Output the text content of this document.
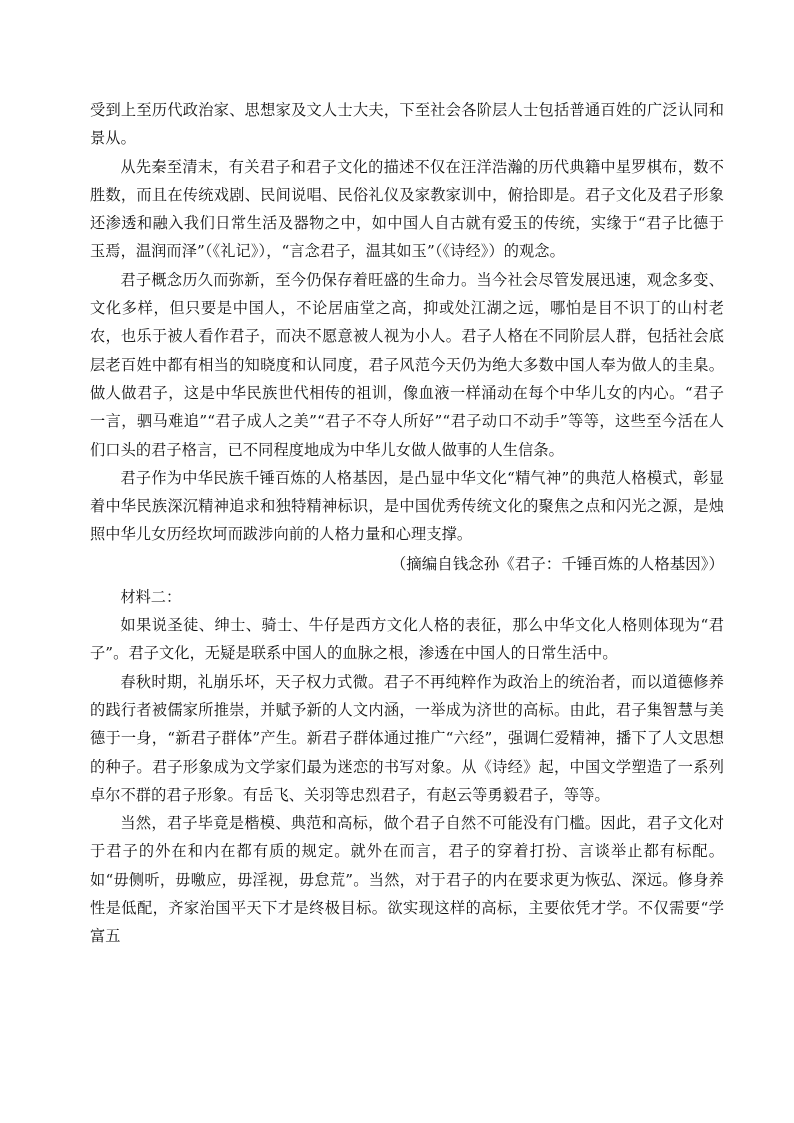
受到上至历代政治家、思想家及文人士大夫，下至社会各阶层人士包括普通百姓的广泛认同和景从。

从先秦至清末，有关君子和君子文化的描述不仅在汪洋浩瀚的历代典籍中星罗棋布，数不胜数，而且在传统戏剧、民间说唱、民俗礼仪及家教家训中，俯拾即是。君子文化及君子形象还渗透和融入我们日常生活及器物之中，如中国人自古就有爱玉的传统，实缘于“君子比德于玉焉，温润而泽”（《礼记》），“言念君子，温其如玉”（《诗经》）的观念。

君子概念历久而弥新，至今仍保存着旺盛的生命力。当今社会尽管发展迅速，观念多变、文化多样，但只要是中国人，不论居庙堂之高，抑或处江湖之远，哪怕是目不识丁的山村老农，也乐于被人看作君子，而决不愿意被人视为小人。君子人格在不同阶层人群，包括社会底层老百姓中都有相当的知晓度和认同度，君子风范今天仍为绝大多数中国人奉为做人的圭臬。做人做君子，这是中华民族世代相传的祖训，像血液一样涌动在每个中华儿女的内心。“君子一言，驷马难追”“君子成人之美”“君子不夺人所好”“君子动口不动手”等等，这些至今活在人们口头的君子格言，已不同程度地成为中华儿女做人做事的人生信条。

君子作为中华民族千锤百炼的人格基因，是凸显中华文化“精气神”的典范人格模式，彰显着中华民族深沉精神追求和独特精神标识，是中国优秀传统文化的聚焦之点和闪光之源，是烛照中华儿女历经坎坷而跋涉向前的人格力量和心理支撑。

（摘编自钱念孙《君子：千锤百炼的人格基因》）

材料二：

如果说圣徒、绅士、骑士、牛仔是西方文化人格的表征，那么中华文化人格则体现为“君子”。君子文化，无疑是联系中国人的血脉之根，渗透在中国人的日常生活中。

春秋时期，礼崩乐坏，天子权力式微。君子不再纯粹作为政治上的统治者，而以道德修养的践行者被儒家所推崇，并赋予新的人文内涵，一举成为济世的高标。由此，君子集智慧与美德于一身，“新君子群体”产生。新君子群体通过推广“六经”，强调仁爱精神，播下了人文思想的种子。君子形象成为文学家们最为迷恋的书写对象。从《诗经》起，中国文学塑造了一系列卓尔不群的君子形象。有岳飞、关羽等忠烈君子，有赵云等勇毅君子，等等。

当然，君子毕竟是楷模、典范和高标，做个君子自然不可能没有门槛。因此，君子文化对于君子的外在和内在都有质的规定。就外在而言，君子的穿着打扮、言谈举止都有标配。如“毋侧听，毋噭应，毋淫视，毋怠荒”。当然，对于君子的内在要求更为恢弘、深远。修身养性是低配，齐家治国平天下才是终极目标。欲实现这样的高标，主要依凭才学。不仅需要“学富五
